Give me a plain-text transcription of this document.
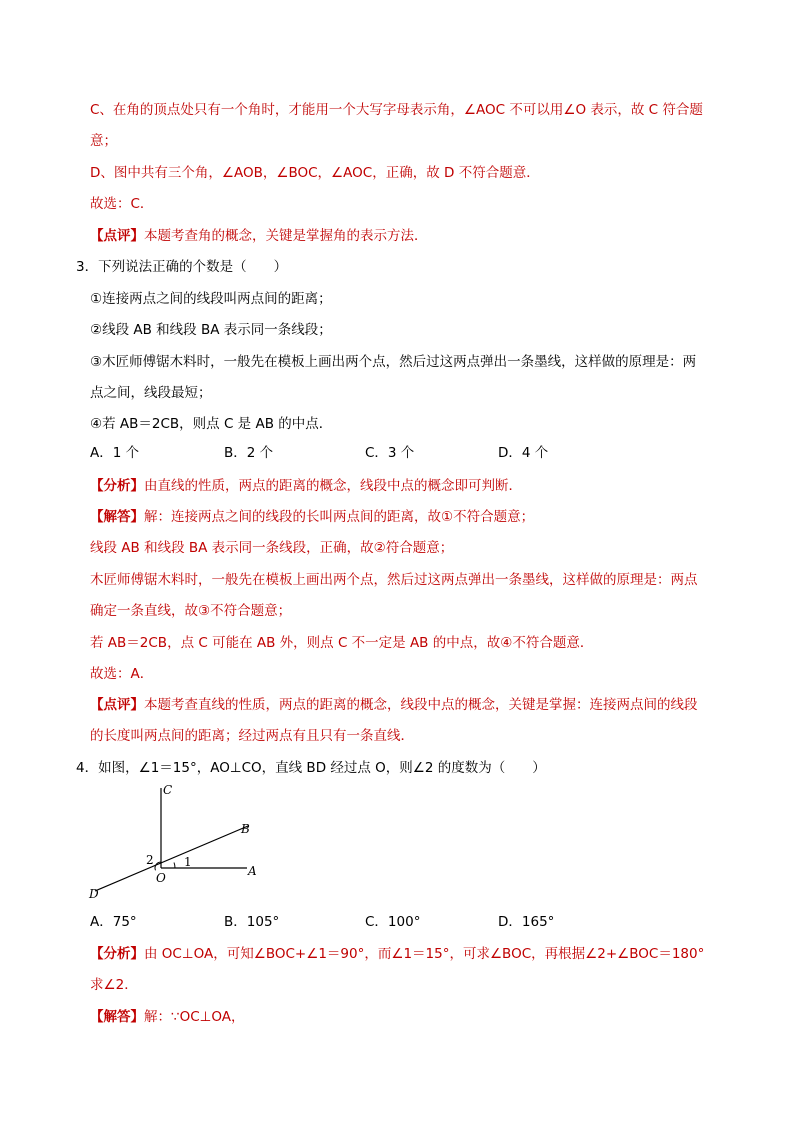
C、在角的顶点处只有一个角时，才能用一个大写字母表示角，∠AOC 不可以用∠O 表示，故 C 符合题
意；
D、图中共有三个角，∠AOB，∠BOC，∠AOC，正确，故 D 不符合题意．
故选：C．
【点评】本题考查角的概念，关键是掌握角的表示方法．
3．下列说法正确的个数是（　　）
①连接两点之间的线段叫两点间的距离；
②线段 AB 和线段 BA 表示同一条线段；
③木匠师傅锯木料时，一般先在模板上画出两个点，然后过这两点弹出一条墨线，这样做的原理是：两
点之间，线段最短；
④若 AB＝2CB，则点 C 是 AB 的中点．
A．1 个	B．2 个	C．3 个	D．4 个
【分析】由直线的性质，两点的距离的概念，线段中点的概念即可判断．
【解答】解：连接两点之间的线段的长叫两点间的距离，故①不符合题意；
线段 AB 和线段 BA 表示同一条线段，正确，故②符合题意；
木匠师傅锯木料时，一般先在模板上画出两个点，然后过这两点弹出一条墨线，这样做的原理是：两点
确定一条直线，故③不符合题意；
若 AB＝2CB，点 C 可能在 AB 外，则点 C 不一定是 AB 的中点，故④不符合题意．
故选：A．
【点评】本题考查直线的性质，两点的距离的概念，线段中点的概念，关键是掌握：连接两点间的线段
的长度叫两点间的距离；经过两点有且只有一条直线．
4．如图，∠1＝15°，AO⊥CO，直线 BD 经过点 O，则∠2 的度数为（　　）
C
B
A
D
O
1
2
A．75°	B．105°	C．100°	D．165°
【分析】由 OC⊥OA，可知∠BOC+∠1＝90°，而∠1＝15°，可求∠BOC，再根据∠2+∠BOC＝180°
求∠2．
【解答】解：∵OC⊥OA，
